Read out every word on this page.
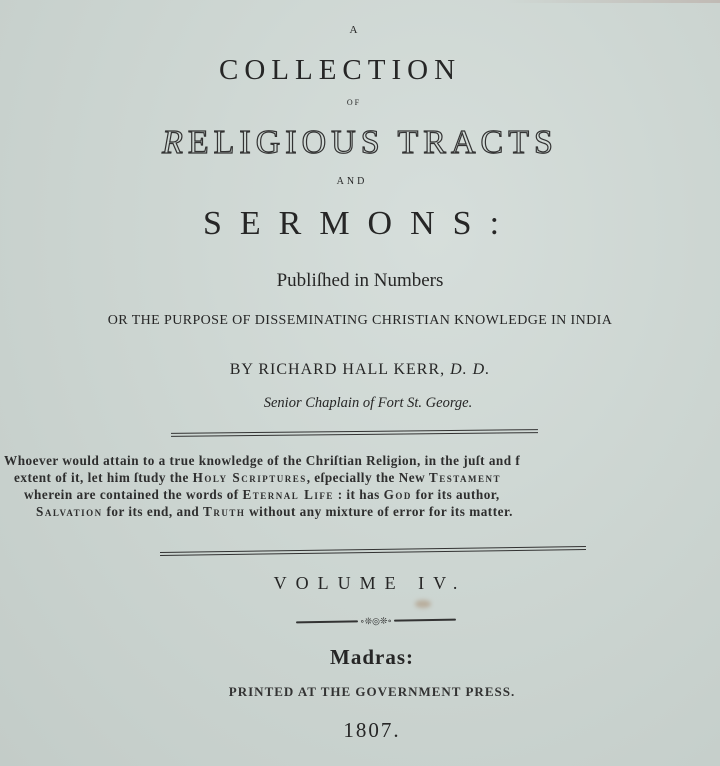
A
COLLECTION
OF
RELIGIOUS TRACTS
AND
SERMONS:
Publiſhed in Numbers
OR THE PURPOSE OF DISSEMINATING CHRISTIAN KNOWLEDGE IN INDIA
BY RICHARD HALL KERR, D. D.
Senior Chaplain of Fort St. George.
Whoever would attain to a true knowledge of the Chriſtian Religion, in the juſt and f
extent of it, let him ſtudy the Holy Scriptures, eſpecially the New Testament
wherein are contained the words of Eternal Life : it has God for its author,
Salvation for its end, and Truth without any mixture of error for its matter.
VOLUME IV.
∘❊◎❊∘
Madras:
PRINTED AT THE GOVERNMENT PRESS.
1807.
